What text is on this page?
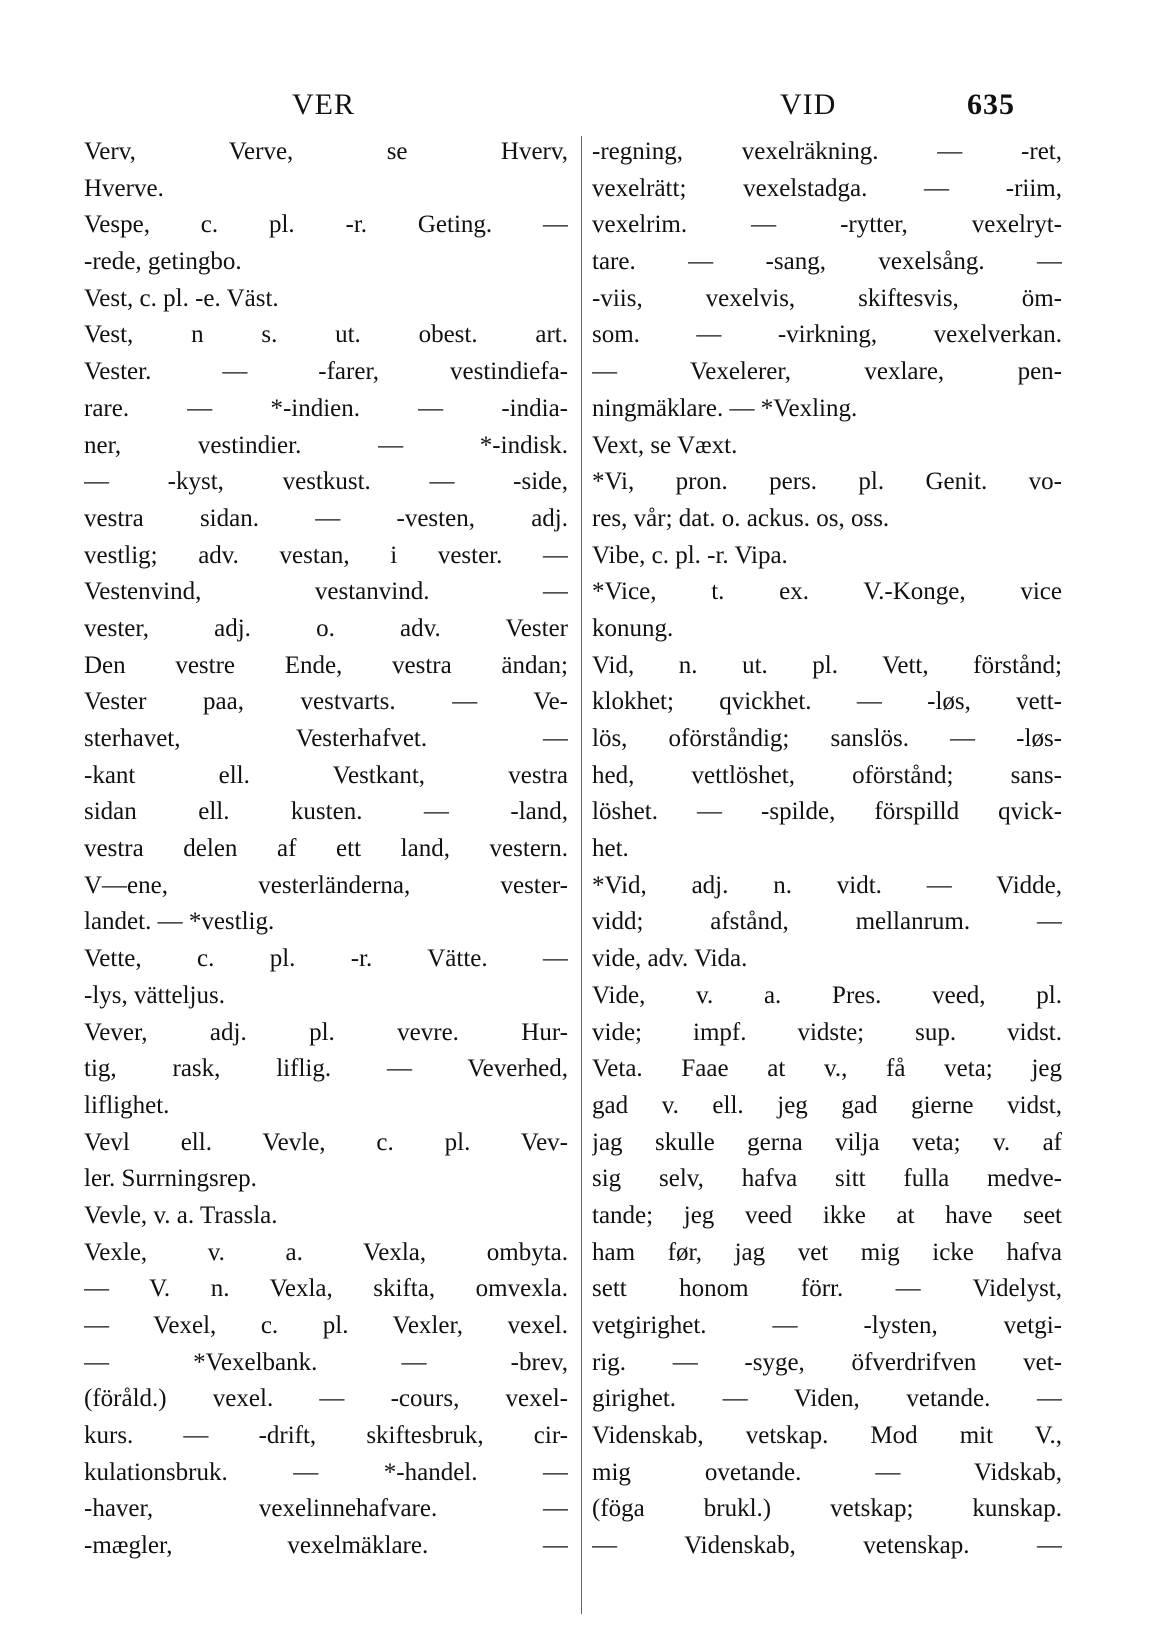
VER	VID	635
Verv, Verve, se Hverv,
Hverve.
Vespe, c. pl. -r. Geting. —
-rede, getingbo.
Vest, c. pl. -e. Väst.
Vest, n s. ut. obest. art.
Vester. — -farer, vestindiefa-
rare. — *-indien. — -india-
ner, vestindier. — *-indisk.
— -kyst, vestkust. — -side,
vestra sidan. — -vesten, adj.
vestlig; adv. vestan, i vester. —
Vestenvind, vestanvind. —
vester, adj. o. adv. Vester
Den vestre Ende, vestra ändan;
Vester paa, vestvarts. — Ve-
sterhavet, Vesterhafvet. —
-kant ell. Vestkant, vestra
sidan ell. kusten. — -land,
vestra delen af ett land, vestern.
V—ene, vesterländerna, vester-
landet. — *vestlig.
Vette, c. pl. -r. Vätte. —
-lys, vätteljus.
Vever, adj. pl. vevre. Hur-
tig, rask, liflig. — Veverhed,
liflighet.
Vevl ell. Vevle, c. pl. Vev-
ler. Surrningsrep.
Vevle, v. a. Trassla.
Vexle, v. a. Vexla, ombyta.
— V. n. Vexla, skifta, omvexla.
— Vexel, c. pl. Vexler, vexel.
— *Vexelbank. — -brev,
(föråld.) vexel. — -cours, vexel-
kurs. — -drift, skiftesbruk, cir-
kulationsbruk. — *-handel. —
-haver, vexelinnehafvare. —
-mægler, vexelmäklare. —
-regning, vexelräkning. — -ret,
vexelrätt; vexelstadga. — -riim,
vexelrim. — -rytter, vexelryt-
tare. — -sang, vexelsång. —
-viis, vexelvis, skiftesvis, öm-
som. — -virkning, vexelverkan.
— Vexelerer, vexlare, pen-
ningmäklare. — *Vexling.
Vext, se Væxt.
*Vi, pron. pers. pl. Genit. vo-
res, vår; dat. o. ackus. os, oss.
Vibe, c. pl. -r. Vipa.
*Vice, t. ex. V.-Konge, vice
konung.
Vid, n. ut. pl. Vett, förstånd;
klokhet; qvickhet. — -løs, vett-
lös, oförståndig; sanslös. — -løs-
hed, vettlöshet, oförstånd; sans-
löshet. — -spilde, förspilld qvick-
het.
*Vid, adj. n. vidt. — Vidde,
vidd; afstånd, mellanrum. —
vide, adv. Vida.
Vide, v. a. Pres. veed, pl.
vide; impf. vidste; sup. vidst.
Veta. Faae at v., få veta; jeg
gad v. ell. jeg gad gierne vidst,
jag skulle gerna vilja veta; v. af
sig selv, hafva sitt fulla medve-
tande; jeg veed ikke at have seet
ham før, jag vet mig icke hafva
sett honom förr. — Videlyst,
vetgirighet. — -lysten, vetgi-
rig. — -syge, öfverdrifven vet-
girighet. — Viden, vetande. —
Videnskab, vetskap. Mod mit V.,
mig ovetande. — Vidskab,
(föga brukl.) vetskap; kunskap.
— Videnskab, vetenskap. —
